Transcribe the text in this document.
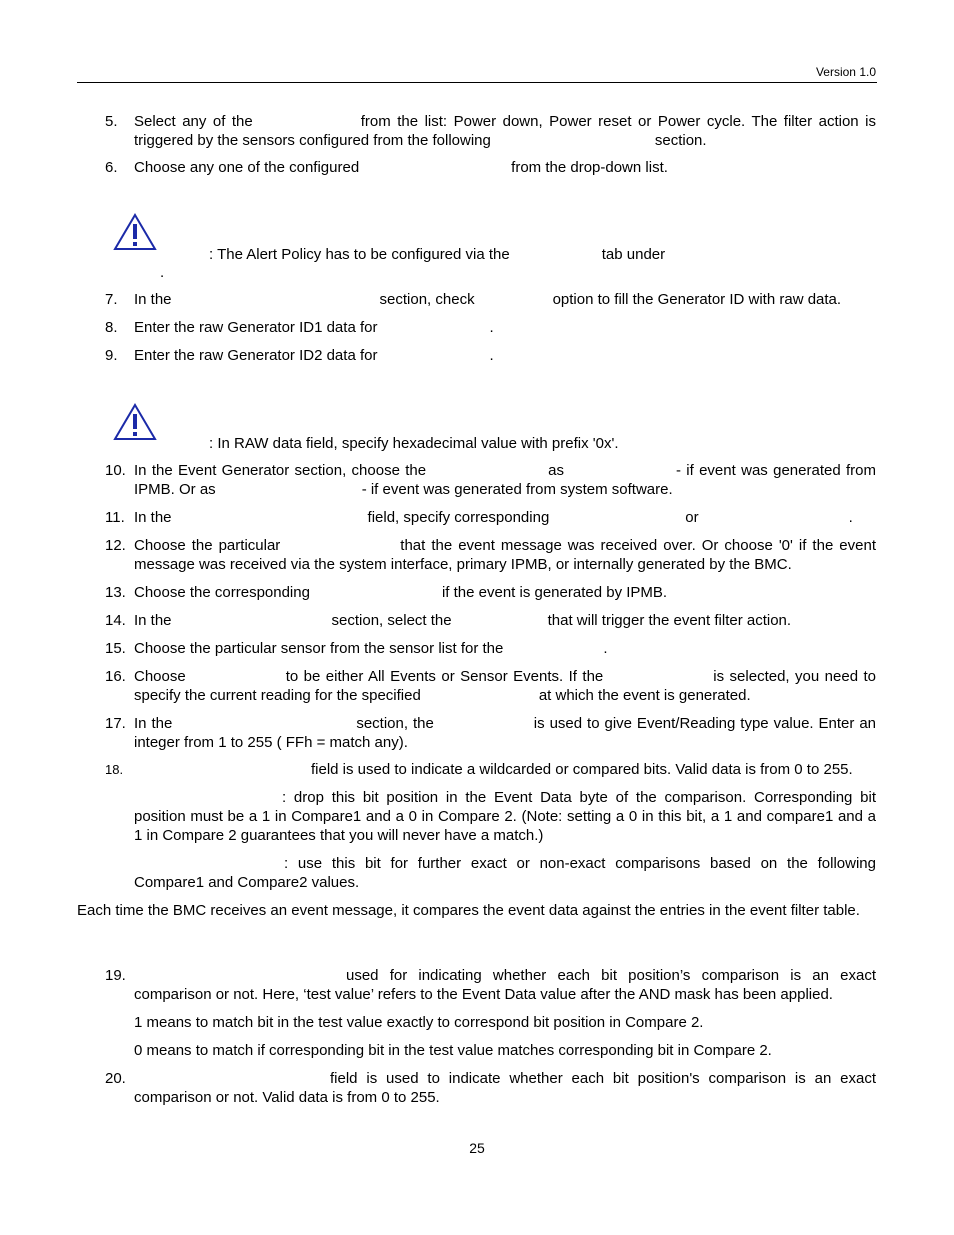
Version 1.0
5. Select any of the	from the list: Power down, Power reset or Power cycle. The filter action is triggered by the sensors configured from the following	section.
6. Choose any one of the configured	from the drop-down list.
: The Alert Policy has to be configured via the	tab under
.
7. In the	section, check	option to fill the Generator ID with raw data.
8. Enter the raw Generator ID1 data for	.
9. Enter the raw Generator ID2 data for	.
: In RAW data field, specify hexadecimal value with prefix '0x'.
10. In the Event Generator section, choose the	as	- if event was generated from IPMB. Or as	- if event was generated from system software.
11. In the	field, specify corresponding	or	.
12. Choose the particular	that the event message was received over. Or choose '0' if the event message was received via the system interface, primary IPMB, or internally generated by the BMC.
13. Choose the corresponding	if the event is generated by IPMB.
14. In the	section, select the	that will trigger the event filter action.
15. Choose the particular sensor from the sensor list for the	.
16. Choose	to be either All Events or Sensor Events. If the	is selected, you need to specify the current reading for the specified	at which the event is generated.
17. In the	section, the	is used to give Event/Reading type value. Enter an integer from 1 to 255 ( FFh = match any).
18.	field is used to indicate a wildcarded or compared bits. Valid data is from 0 to 255.
: drop this bit position in the Event Data byte of the comparison. Corresponding bit position must be a 1 in Compare1 and a 0 in Compare 2. (Note: setting a 0 in this bit, a 1 and compare1 and a 1 in Compare 2 guarantees that you will never have a match.)
: use this bit for further exact or non-exact comparisons based on the following Compare1 and Compare2 values.
Each time the BMC receives an event message, it compares the event data against the entries in the event filter table.
19.	used for indicating whether each bit position’s comparison is an exact comparison or not. Here, ‘test value’ refers to the Event Data value after the AND mask has been applied.
1 means to match bit in the test value exactly to correspond bit position in Compare 2.
0 means to match if corresponding bit in the test value matches corresponding bit in Compare 2.
20.	field is used to indicate whether each bit position's comparison is an exact comparison or not. Valid data is from 0 to 255.
25
